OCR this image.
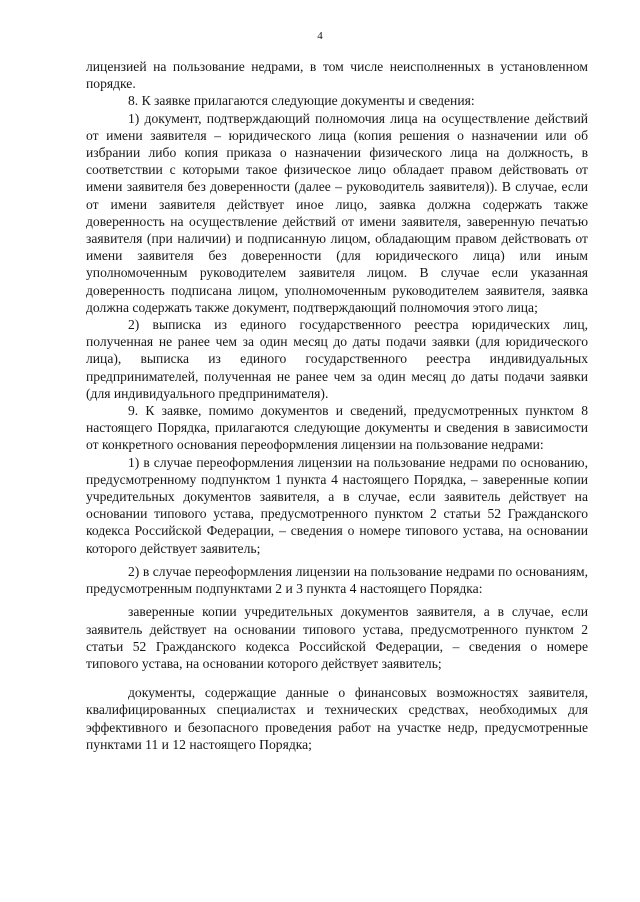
4

лицензией на пользование недрами, в том числе неисполненных в установленном порядке.

8. К заявке прилагаются следующие документы и сведения:

1) документ, подтверждающий полномочия лица на осуществление действий от имени заявителя – юридического лица (копия решения о назначении или об избрании либо копия приказа о назначении физического лица на должность, в соответствии с которыми такое физическое лицо обладает правом действовать от имени заявителя без доверенности (далее – руководитель заявителя)). В случае, если от имени заявителя действует иное лицо, заявка должна содержать также доверенность на осуществление действий от имени заявителя, заверенную печатью заявителя (при наличии) и подписанную лицом, обладающим правом действовать от имени заявителя без доверенности (для юридического лица) или иным уполномоченным руководителем заявителя лицом. В случае если указанная доверенность подписана лицом, уполномоченным руководителем заявителя, заявка должна содержать также документ, подтверждающий полномочия этого лица;

2) выписка из единого государственного реестра юридических лиц, полученная не ранее чем за один месяц до даты подачи заявки (для юридического лица), выписка из единого государственного реестра индивидуальных предпринимателей, полученная не ранее чем за один месяц до даты подачи заявки (для индивидуального предпринимателя).

9. К заявке, помимо документов и сведений, предусмотренных пунктом 8 настоящего Порядка, прилагаются следующие документы и сведения в зависимости от конкретного основания переоформления лицензии на пользование недрами:

1) в случае переоформления лицензии на пользование недрами по основанию, предусмотренному подпунктом 1 пункта 4 настоящего Порядка, – заверенные копии учредительных документов заявителя, а в случае, если заявитель действует на основании типового устава, предусмотренного пунктом 2 статьи 52 Гражданского кодекса Российской Федерации, – сведения о номере типового устава, на основании которого действует заявитель;

2) в случае переоформления лицензии на пользование недрами по основаниям, предусмотренным подпунктами 2 и 3 пункта 4 настоящего Порядка:

заверенные копии учредительных документов заявителя, а в случае, если заявитель действует на основании типового устава, предусмотренного пунктом 2 статьи 52 Гражданского кодекса Российской Федерации, – сведения о номере типового устава, на основании которого действует заявитель;

документы, содержащие данные о финансовых возможностях заявителя, квалифицированных специалистах и технических средствах, необходимых для эффективного и безопасного проведения работ на участке недр, предусмотренные пунктами 11 и 12 настоящего Порядка;
